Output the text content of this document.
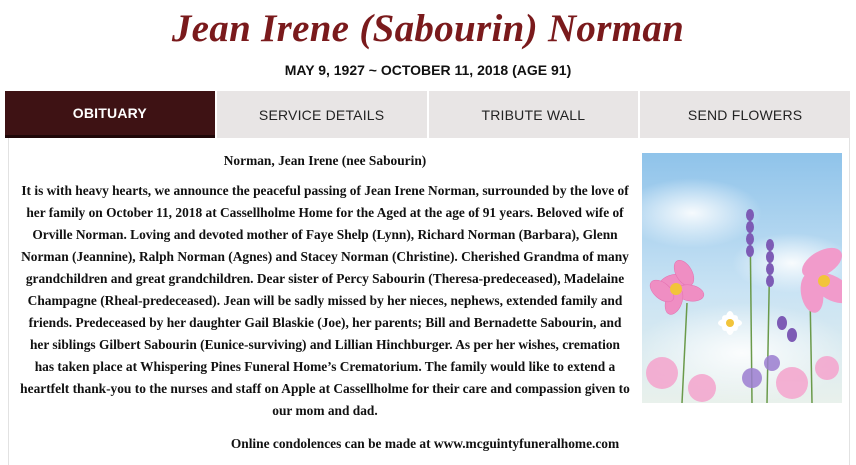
Jean Irene (Sabourin) Norman
MAY 9, 1927 ~ OCTOBER 11, 2018 (AGE 91)
OBITUARY	SERVICE DETAILS	TRIBUTE WALL	SEND FLOWERS

Norman, Jean Irene (nee Sabourin)

It is with heavy hearts, we announce the peaceful passing of Jean Irene Norman, surrounded by the love of her family on October 11, 2018 at Cassellholme Home for the Aged at the age of 91 years. Beloved wife of Orville Norman. Loving and devoted mother of Faye Shelp (Lynn), Richard Norman (Barbara), Glenn Norman (Jeannine), Ralph Norman (Agnes) and Stacey Norman (Christine). Cherished Grandma of many grandchildren and great grandchildren. Dear sister of Percy Sabourin (Theresa-predeceased), Madelaine Champagne (Rheal-predeceased). Jean will be sadly missed by her nieces, nephews, extended family and friends. Predeceased by her daughter Gail Blaskie (Joe), her parents; Bill and Bernadette Sabourin, and her siblings Gilbert Sabourin (Eunice-surviving) and Lillian Hinchburger. As per her wishes, cremation has taken place at Whispering Pines Funeral Home’s Crematorium. The family would like to extend a heartfelt thank-you to the nurses and staff on Apple at Cassellholme for their care and compassion given to our mom and dad.

Online condolences can be made at www.mcguintyfuneralhome.com
